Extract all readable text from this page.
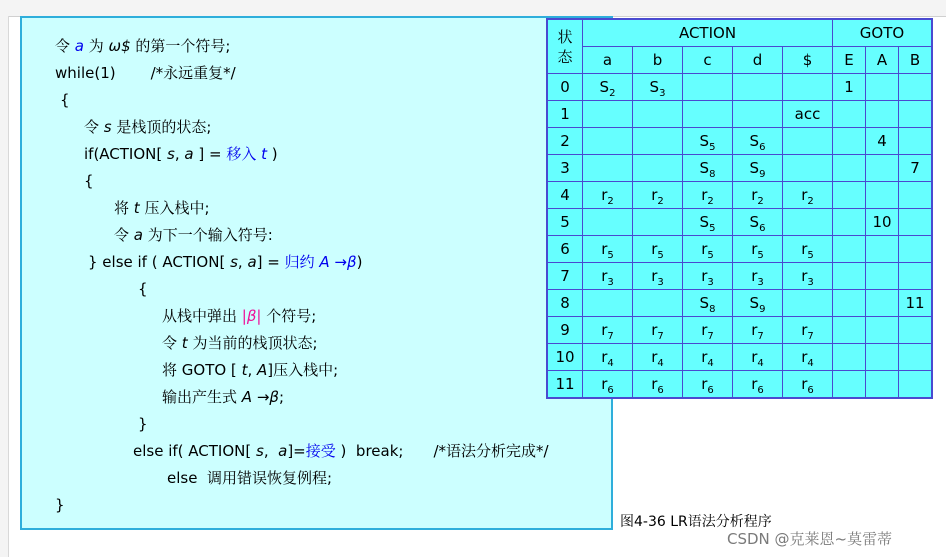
令 a 为 ω$ 的第一个符号;
while(1) /*永远重复*/
{
令 s 是栈顶的状态;
if(ACTION[ s, a ] = 移入 t )
{
将 t 压入栈中;
令 a 为下一个输入符号:
} else if ( ACTION[ s, a] = 归约 A →β)
{
从栈中弹出 |β| 个符号;
令 t 为当前的栈顶状态;
将 GOTO [ t, A]压入栈中;
输出产生式 A →β;
}
else if( ACTION[ s,  a]=接受 )  break; /*语法分析完成*/
else  调用错误恢复例程;
}
状
态	ACTION					GOTO		
	a	b	c	d	$	E	A	B
0	$S_2$	$S_3$				1		
1					acc			
2			$S_5$	$S_6$			4	
3			$S_8$	$S_9$				7
4	$r_2$	$r_2$	$r_2$	$r_2$	$r_2$			
5			$S_5$	$S_6$			10	
6	$r_5$	$r_5$	$r_5$	$r_5$	$r_5$			
7	$r_3$	$r_3$	$r_3$	$r_3$	$r_3$			
8			$S_8$	$S_9$				11
9	$r_7$	$r_7$	$r_7$	$r_7$	$r_7$			
10	$r_4$	$r_4$	$r_4$	$r_4$	$r_4$			
11	$r_6$	$r_6$	$r_6$	$r_6$	$r_6$			
图4-36 LR语法分析程序
CSDN @克莱恩~莫雷蒂
